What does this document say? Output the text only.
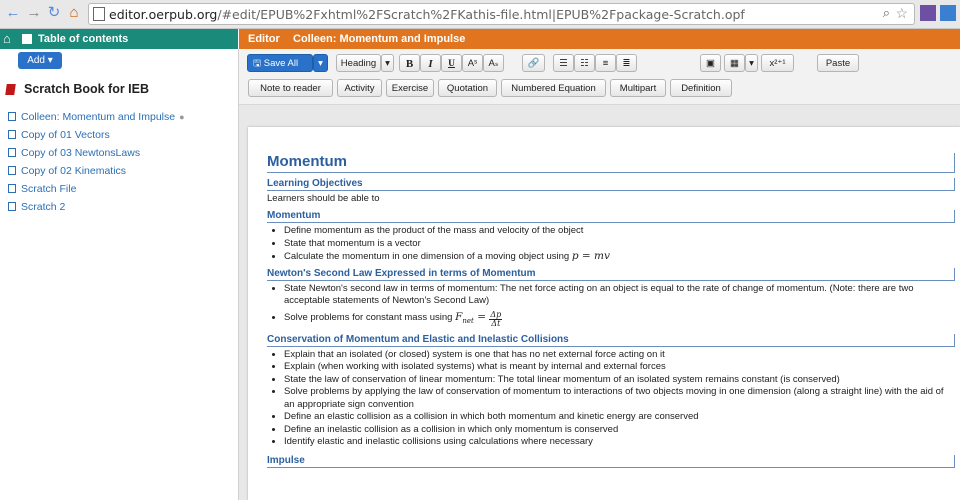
← → ↻ ⌂ editor.oerpub.org/#edit/EPUB%2Fxhtml%2FScratch%2FKathis-file.html|EPUB%2Fpackage-Scratch.opf	⌕ ☆
⌂ Table of contents
Add ▾
Scratch Book for IEB
Colleen: Momentum and Impulse ●
Copy of 01 Vectors
Copy of 03 NewtonsLaws
Copy of 02 Kinematics
Scratch File
Scratch 2
Editor Colleen: Momentum and Impulse
🖫 Save All	▾	Heading ▾	B	I	U	Aˢ	Aₛ	🔗	☰	☷	≡	≣	▣	▦	▾	x²⁺¹	Paste
Note to reader	Activity	Exercise	Quotation	Numbered Equation	Multipart	Definition
Momentum
Learning Objectives
Learners should be able to
Momentum
• Define momentum as the product of the mass and velocity of the object
• State that momentum is a vector
• Calculate the momentum in one dimension of a moving object using p = mv
Newton's Second Law Expressed in terms of Momentum
• State Newton's second law in terms of momentum: The net force acting on an object is equal to the rate of change of momentum. (Note: there are two acceptable statements of Newton's Second Law)
• Solve problems for constant mass using $F_{net} = \frac{\Delta p}{\Delta t}$
Conservation of Momentum and Elastic and Inelastic Collisions
• Explain that an isolated (or closed) system is one that has no net external force acting on it
• Explain (when working with isolated systems) what is meant by internal and external forces
• State the law of conservation of linear momentum: The total linear momentum of an isolated system remains constant (is conserved)
• Solve problems by applying the law of conservation of momentum to interactions of two objects moving in one dimension (along a straight line) with the aid of an appropriate sign convention
• Define an elastic collision as a collision in which both momentum and kinetic energy are conserved
• Define an inelastic collision as a collision in which only momentum is conserved
• Identify elastic and inelastic collisions using calculations where necessary
Impulse
